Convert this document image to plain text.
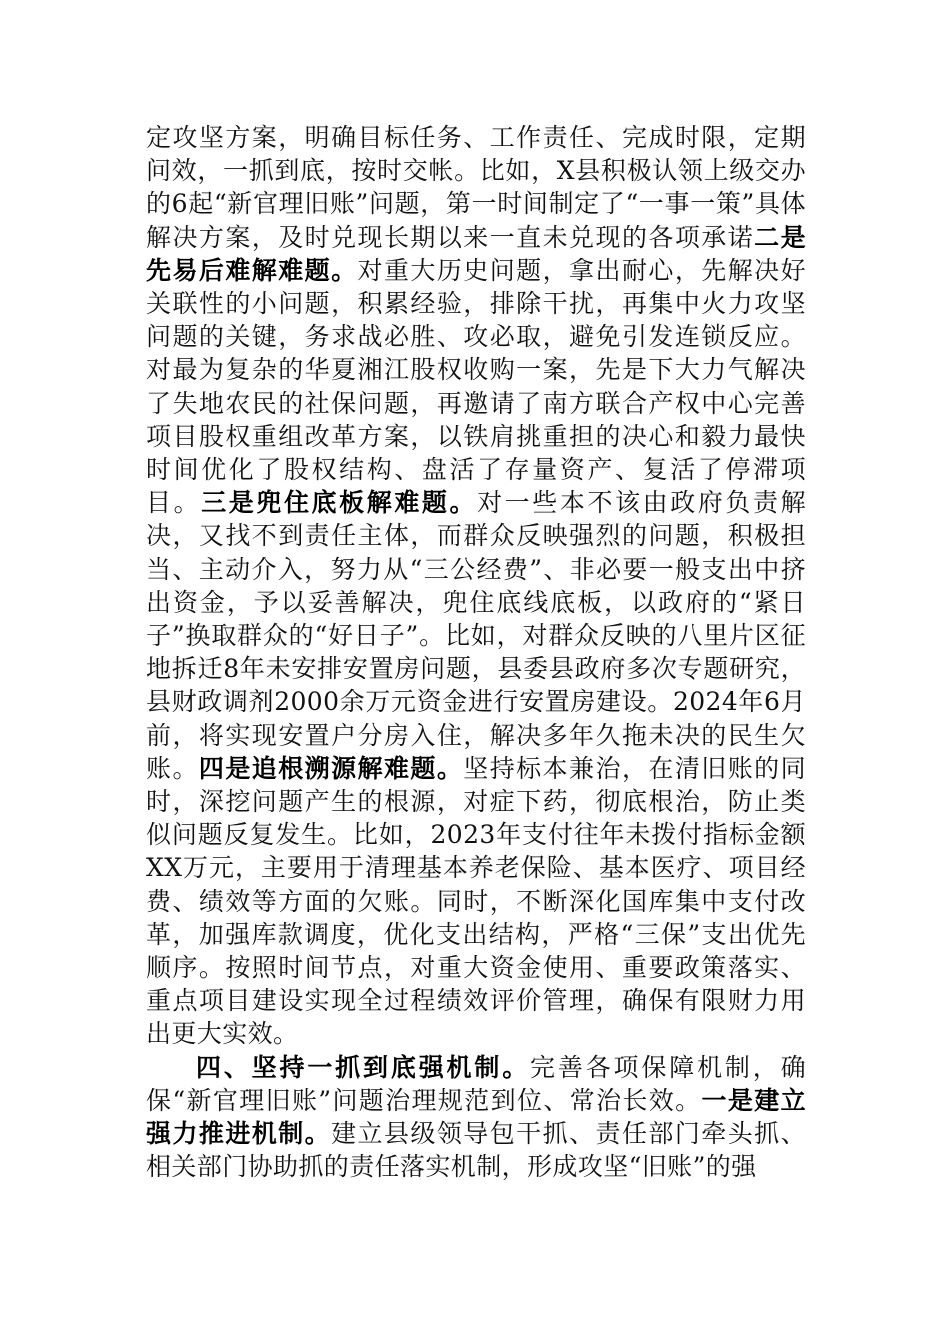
定攻坚方案，明确目标任务、工作责任、完成时限，定期问效，一抓到底，按时交帐。比如，X县积极认领上级交办的6起“新官理旧账”问题，第一时间制定了“一事一策”具体解决方案，及时兑现长期以来一直未兑现的各项承诺二是先易后难解难题。对重大历史问题，拿出耐心，先解决好关联性的小问题，积累经验，排除干扰，再集中火力攻坚问题的关键，务求战必胜、攻必取，避免引发连锁反应。对最为复杂的华夏湘江股权收购一案，先是下大力气解决了失地农民的社保问题，再邀请了南方联合产权中心完善项目股权重组改革方案，以铁肩挑重担的决心和毅力最快时间优化了股权结构、盘活了存量资产、复活了停滞项目。三是兜住底板解难题。对一些本不该由政府负责解决，又找不到责任主体，而群众反映强烈的问题，积极担当、主动介入，努力从“三公经费”、非必要一般支出中挤出资金，予以妥善解决，兜住底线底板，以政府的“紧日子”换取群众的“好日子”。比如，对群众反映的八里片区征地拆迁8年未安排安置房问题，县委县政府多次专题研究，县财政调剂2000余万元资金进行安置房建设。2024年6月前，将实现安置户分房入住，解决多年久拖未决的民生欠账。四是追根溯源解难题。坚持标本兼治，在清旧账的同时，深挖问题产生的根源，对症下药，彻底根治，防止类似问题反复发生。比如，2023年支付往年未拨付指标金额XX万元，主要用于清理基本养老保险、基本医疗、项目经费、绩效等方面的欠账。同时，不断深化国库集中支付改革，加强库款调度，优化支出结构，严格“三保”支出优先顺序。按照时间节点，对重大资金使用、重要政策落实、重点项目建设实现全过程绩效评价管理，确保有限财力用出更大实效。

四、坚持一抓到底强机制。完善各项保障机制，确保“新官理旧账”问题治理规范到位、常治长效。一是建立强力推进机制。建立县级领导包干抓、责任部门牵头抓、相关部门协助抓的责任落实机制，形成攻坚“旧账”的强
